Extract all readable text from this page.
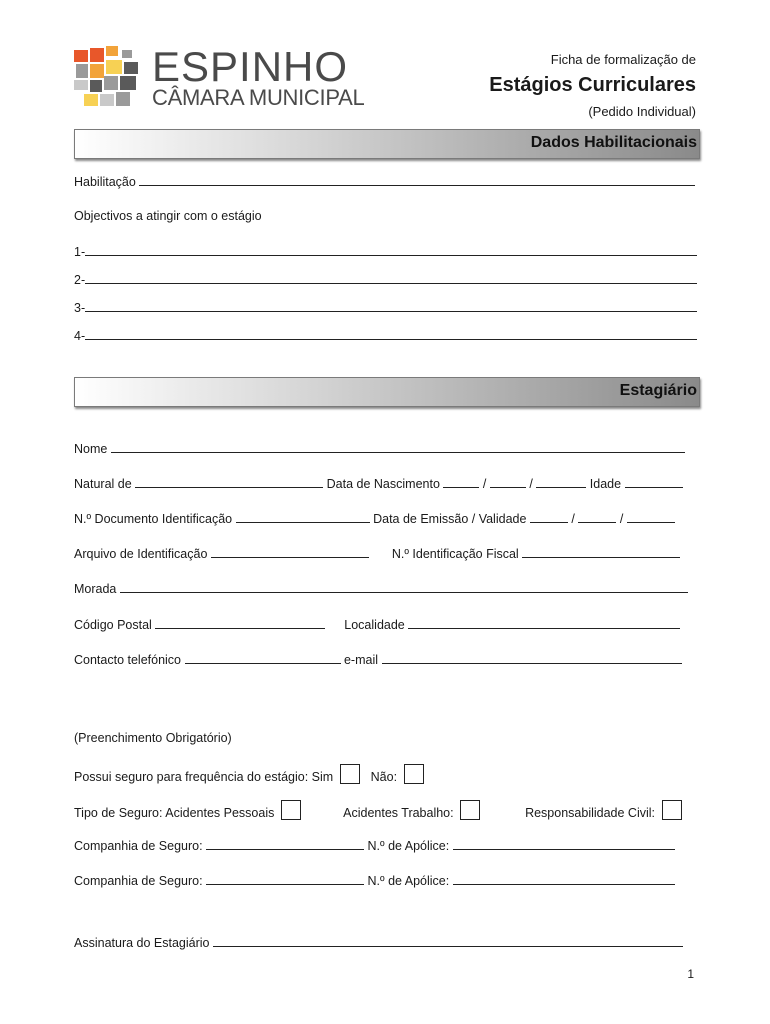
ESPINHO
CÂMARA MUNICIPAL
Ficha de formalização de
Estágios Curriculares
(Pedido Individual)
Dados Habilitacionais
Habilitação
Objectivos a atingir com o estágio
1-
2-
3-
4-
Estagiário
Nome
Natural de	Data de Nascimento	/	/	Idade
N.º Documento Identificação	Data de Emissão / Validade	/	/
Arquivo de Identificação	N.º Identificação Fiscal
Morada
Código Postal	Localidade
Contacto telefónico	e-mail
(Preenchimento Obrigatório)
Possui seguro para frequência do estágio: Sim	Não:
Tipo de Seguro: Acidentes Pessoais	Acidentes Trabalho:	Responsabilidade Civil:
Companhia de Seguro:	N.º de Apólice:
Companhia de Seguro:	N.º de Apólice:
Assinatura do Estagiário
1
